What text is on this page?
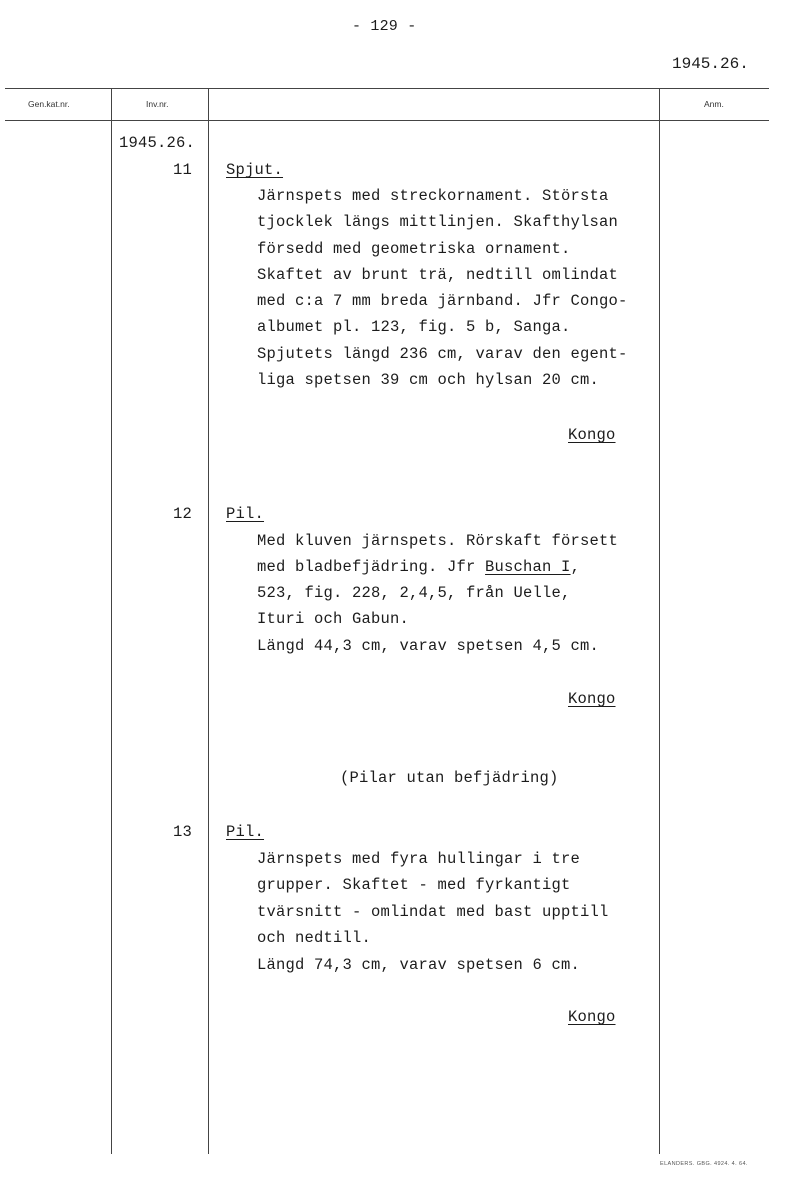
- 129 -
1945.26.
Gen.kat.nr.	Inv.nr.	Anm.
1945.26.
11 Spjut.
Järnspets med streckornament. Största
tjocklek längs mittlinjen. Skafthylsan
försedd med geometriska ornament.
Skaftet av brunt trä, nedtill omlindat
med c:a 7 mm breda järnband. Jfr Congo-
albumet pl. 123, fig. 5 b, Sanga.
Spjutets längd 236 cm, varav den egent-
liga spetsen 39 cm och hylsan 20 cm.
Kongo
12 Pil.
Med kluven järnspets. Rörskaft försett
med bladbefjädring. Jfr Buschan I,
523, fig. 228, 2,4,5, från Uelle,
Ituri och Gabun.
Längd 44,3 cm, varav spetsen 4,5 cm.
Kongo
(Pilar utan befjädring)
13 Pil.
Järnspets med fyra hullingar i tre
grupper. Skaftet - med fyrkantigt
tvärsnitt - omlindat med bast upptill
och nedtill.
Längd 74,3 cm, varav spetsen 6 cm.
Kongo
ELANDERS. GBG. 4924. 4. 64.
